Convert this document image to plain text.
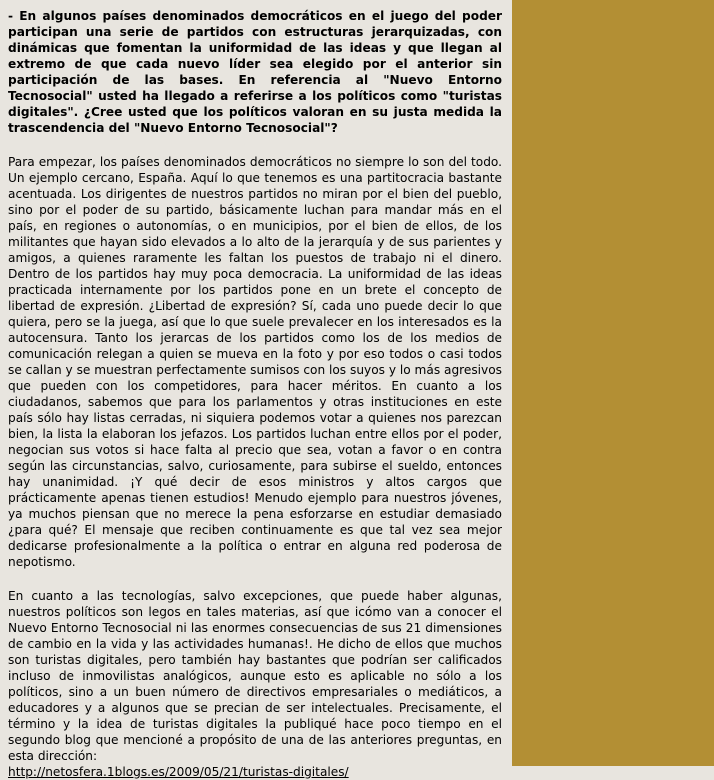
- En algunos países denominados democráticos en el juego del poder participan una serie de partidos con estructuras jerarquizadas, con dinámicas que fomentan la uniformidad de las ideas y que llegan al extremo de que cada nuevo líder sea elegido por el anterior sin participación de las bases. En referencia al "Nuevo Entorno Tecnosocial" usted ha llegado a referirse a los políticos como "turistas digitales". ¿Cree usted que los políticos valoran en su justa medida la trascendencia del "Nuevo Entorno Tecnosocial"?

Para empezar, los países denominados democráticos no siempre lo son del todo. Un ejemplo cercano, España. Aquí lo que tenemos es una partitocracia bastante acentuada. Los dirigentes de nuestros partidos no miran por el bien del pueblo, sino por el poder de su partido, básicamente luchan para mandar más en el país, en regiones o autonomías, o en municipios, por el bien de ellos, de los militantes que hayan sido elevados a lo alto de la jerarquía y de sus parientes y amigos, a quienes raramente les faltan los puestos de trabajo ni el dinero. Dentro de los partidos hay muy poca democracia. La uniformidad de las ideas practicada internamente por los partidos pone en un brete el concepto de libertad de expresión. ¿Libertad de expresión? Sí, cada uno puede decir lo que quiera, pero se la juega, así que lo que suele prevalecer en los interesados es la autocensura. Tanto los jerarcas de los partidos como los de los medios de comunicación relegan a quien se mueva en la foto y por eso todos o casi todos se callan y se muestran perfectamente sumisos con los suyos y lo más agresivos que pueden con los competidores, para hacer méritos. En cuanto a los ciudadanos, sabemos que para los parlamentos y otras instituciones en este país sólo hay listas cerradas, ni siquiera podemos votar a quienes nos parezcan bien, la lista la elaboran los jefazos. Los partidos luchan entre ellos por el poder, negocian sus votos si hace falta al precio que sea, votan a favor o en contra según las circunstancias, salvo, curiosamente, para subirse el sueldo, entonces hay unanimidad. ¡Y qué decir de esos ministros y altos cargos que prácticamente apenas tienen estudios! Menudo ejemplo para nuestros jóvenes, ya muchos piensan que no merece la pena esforzarse en estudiar demasiado ¿para qué? El mensaje que reciben continuamente es que tal vez sea mejor dedicarse profesionalmente a la política o entrar en alguna red poderosa de nepotismo.

En cuanto a las tecnologías, salvo excepciones, que puede haber algunas, nuestros políticos son legos en tales materias, así que icómo van a conocer el Nuevo Entorno Tecnosocial ni las enormes consecuencias de sus 21 dimensiones de cambio en la vida y las actividades humanas!. He dicho de ellos que muchos son turistas digitales, pero también hay bastantes que podrían ser calificados incluso de inmovilistas analógicos, aunque esto es aplicable no sólo a los políticos, sino a un buen número de directivos empresariales o mediáticos, a educadores y a algunos que se precian de ser intelectuales. Precisamente, el término y la idea de turistas digitales la publiqué hace poco tiempo en el segundo blog que mencioné a propósito de una de las anteriores preguntas, en esta dirección:
http://netosfera.1blogs.es/2009/05/21/turistas-digitales/
